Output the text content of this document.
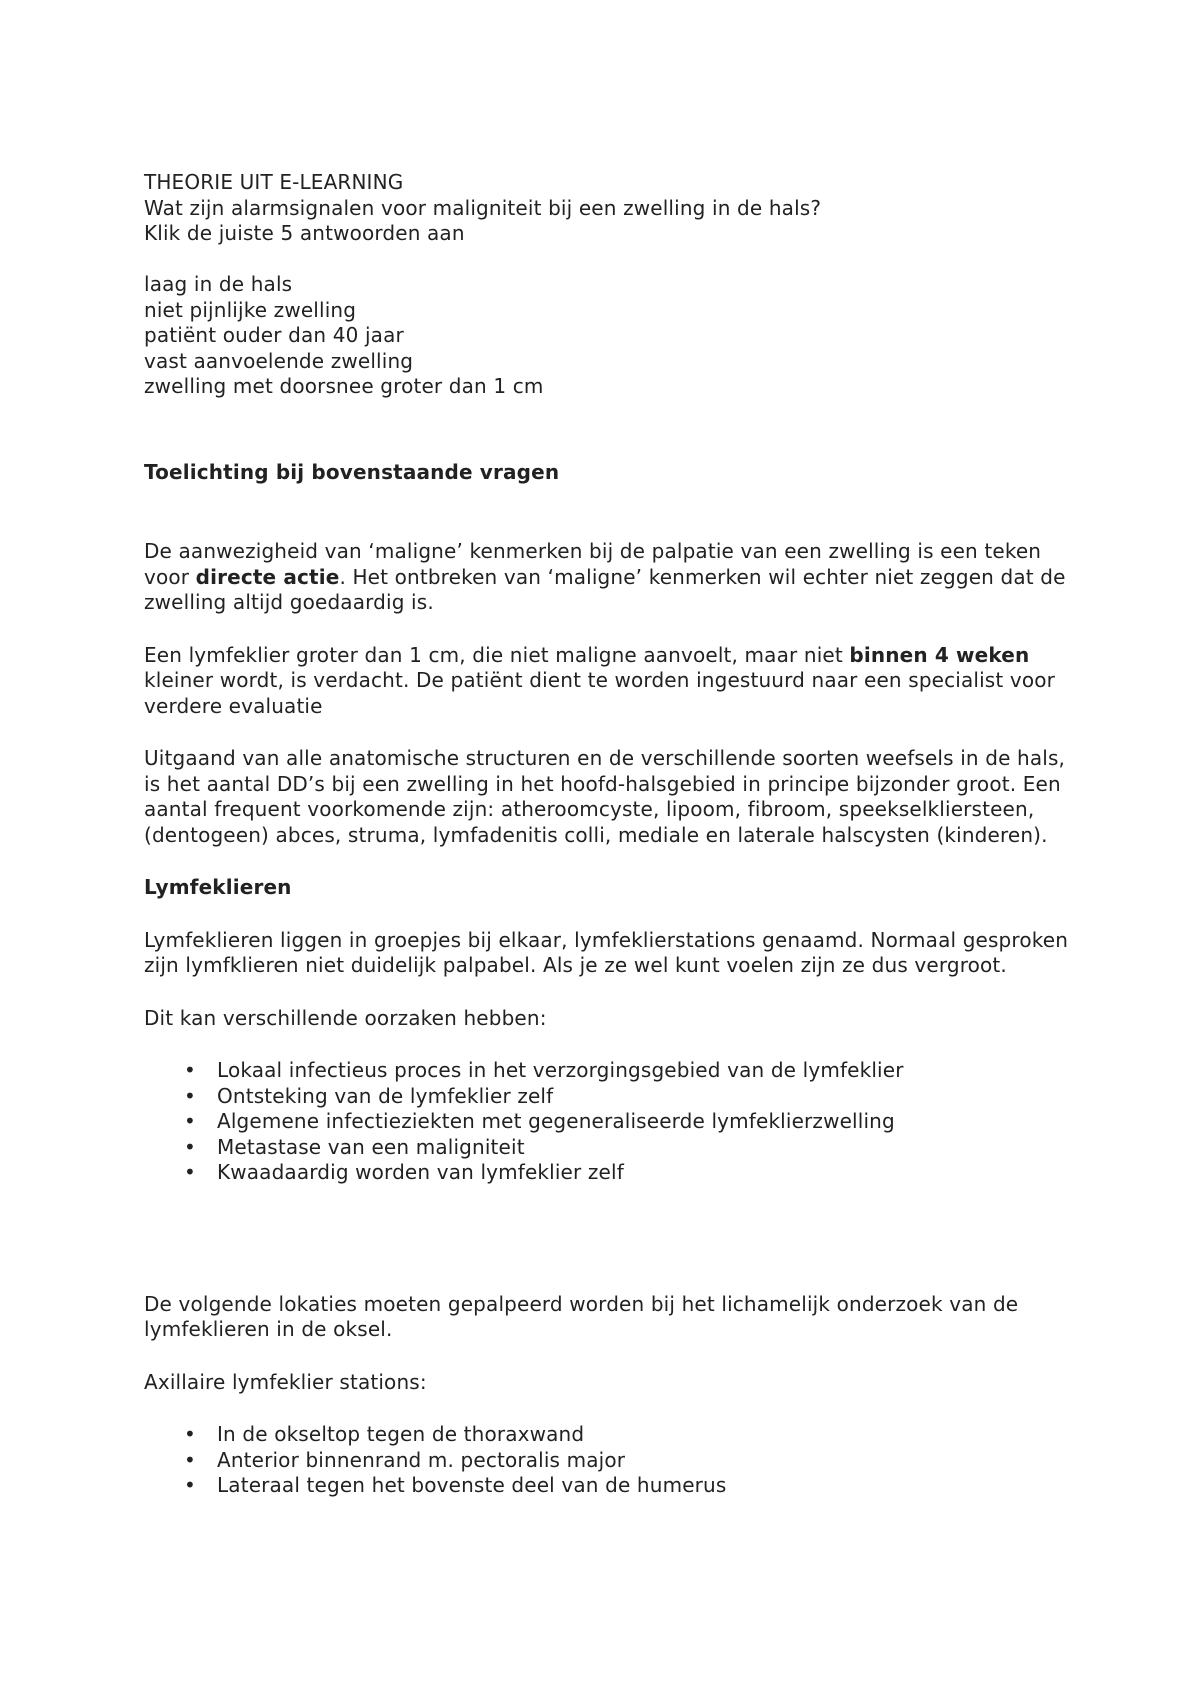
THEORIE UIT E-LEARNING
Wat zijn alarmsignalen voor maligniteit bij een zwelling in de hals?
Klik de juiste 5 antwoorden aan
laag in de hals
niet pijnlijke zwelling
patiënt ouder dan 40 jaar
vast aanvoelende zwelling
zwelling met doorsnee groter dan 1 cm
Toelichting bij bovenstaande vragen

De aanwezigheid van ‘maligne’ kenmerken bij de palpatie van een zwelling is een teken voor directe actie. Het ontbreken van ‘maligne’ kenmerken wil echter niet zeggen dat de zwelling altijd goedaardig is.

Een lymfeklier groter dan 1 cm, die niet maligne aanvoelt, maar niet binnen 4 weken kleiner wordt, is verdacht. De patiënt dient te worden ingestuurd naar een specialist voor verdere evaluatie

Uitgaand van alle anatomische structuren en de verschillende soorten weefsels in de hals, is het aantal DD’s bij een zwelling in het hoofd-halsgebied in principe bijzonder groot. Een aantal frequent voorkomende zijn: atheroomcyste, lipoom, fibroom, speekselkliersteen, (dentogeen) abces, struma, lymfadenitis colli, mediale en laterale halscysten (kinderen).

Lymfeklieren

Lymfeklieren liggen in groepjes bij elkaar, lymfeklierstations genaamd. Normaal gesproken zijn lymfklieren niet duidelijk palpabel. Als je ze wel kunt voelen zijn ze dus vergroot.

Dit kan verschillende oorzaken hebben:

• Lokaal infectieus proces in het verzorgingsgebied van de lymfeklier
• Ontsteking van de lymfeklier zelf
• Algemene infectieziekten met gegeneraliseerde lymfeklierzwelling
• Metastase van een maligniteit
• Kwaadaardig worden van lymfeklier zelf

De volgende lokaties moeten gepalpeerd worden bij het lichamelijk onderzoek van de lymfeklieren in de oksel.

Axillaire lymfeklier stations:

• In de okseltop tegen de thoraxwand
• Anterior binnenrand m. pectoralis major
• Lateraal tegen het bovenste deel van de humerus
